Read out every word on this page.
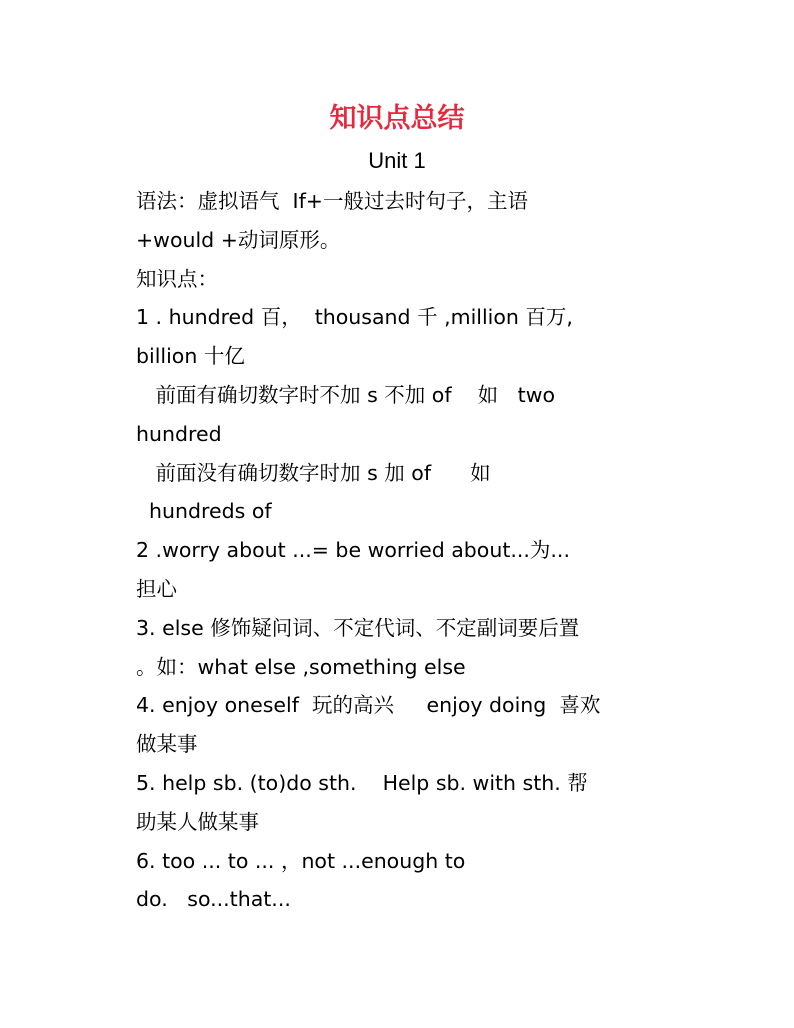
知识点总结
Unit 1
语法：虚拟语气  If+一般过去时句子，主语
+would +动词原形。
知识点：
1 . hundred 百，  thousand 千 ,million 百万,
billion 十亿
前面有确切数字时不加 s 不加 of    如   two
hundred
前面没有确切数字时加 s 加 of      如
hundreds of
2 .worry about ...= be worried about...为...
担心
3. else 修饰疑问词、不定代词、不定副词要后置
。如：what else ,something else
4. enjoy oneself  玩的高兴     enjoy doing  喜欢
做某事
5. help sb. (to)do sth.    Help sb. with sth. 帮
助某人做某事
6. too ... to ... ，not ...enough to
do.   so...that...
